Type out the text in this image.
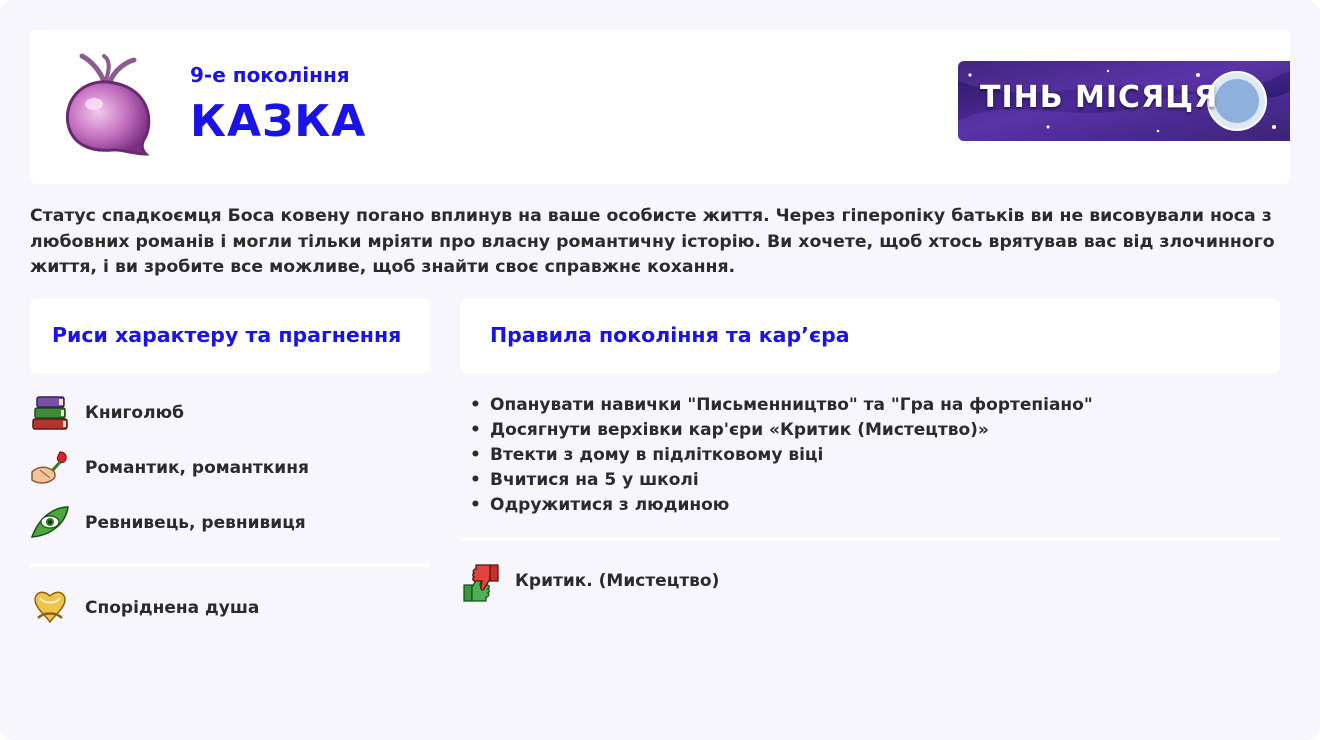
9-е покоління
КАЗКА	ТІНЬ МІСЯЦЯ
Статус спадкоємця Боса ковену погано вплинув на ваше особисте життя. Через гіперопіку батьків ви не висовували носа з любовних романів і могли тільки мріяти про власну романтичну історію. Ви хочете, щоб хтось врятував вас від злочинного життя, і ви зробите все можливе, щоб знайти своє справжнє кохання.
Риси характеру та прагнення
Книголюб
Романтик, романткиня
Ревнивець, ревнивиця
Споріднена душа
Правила покоління та кар’єра
• Опанувати навички "Письменництво" та "Гра на фортепіано"
• Досягнути верхівки кар'єри «Критик (Мистецтво)»
• Втекти з дому в підлітковому віці
• Вчитися на 5 у школі
• Одружитися з людиною
Критик. (Мистецтво)
